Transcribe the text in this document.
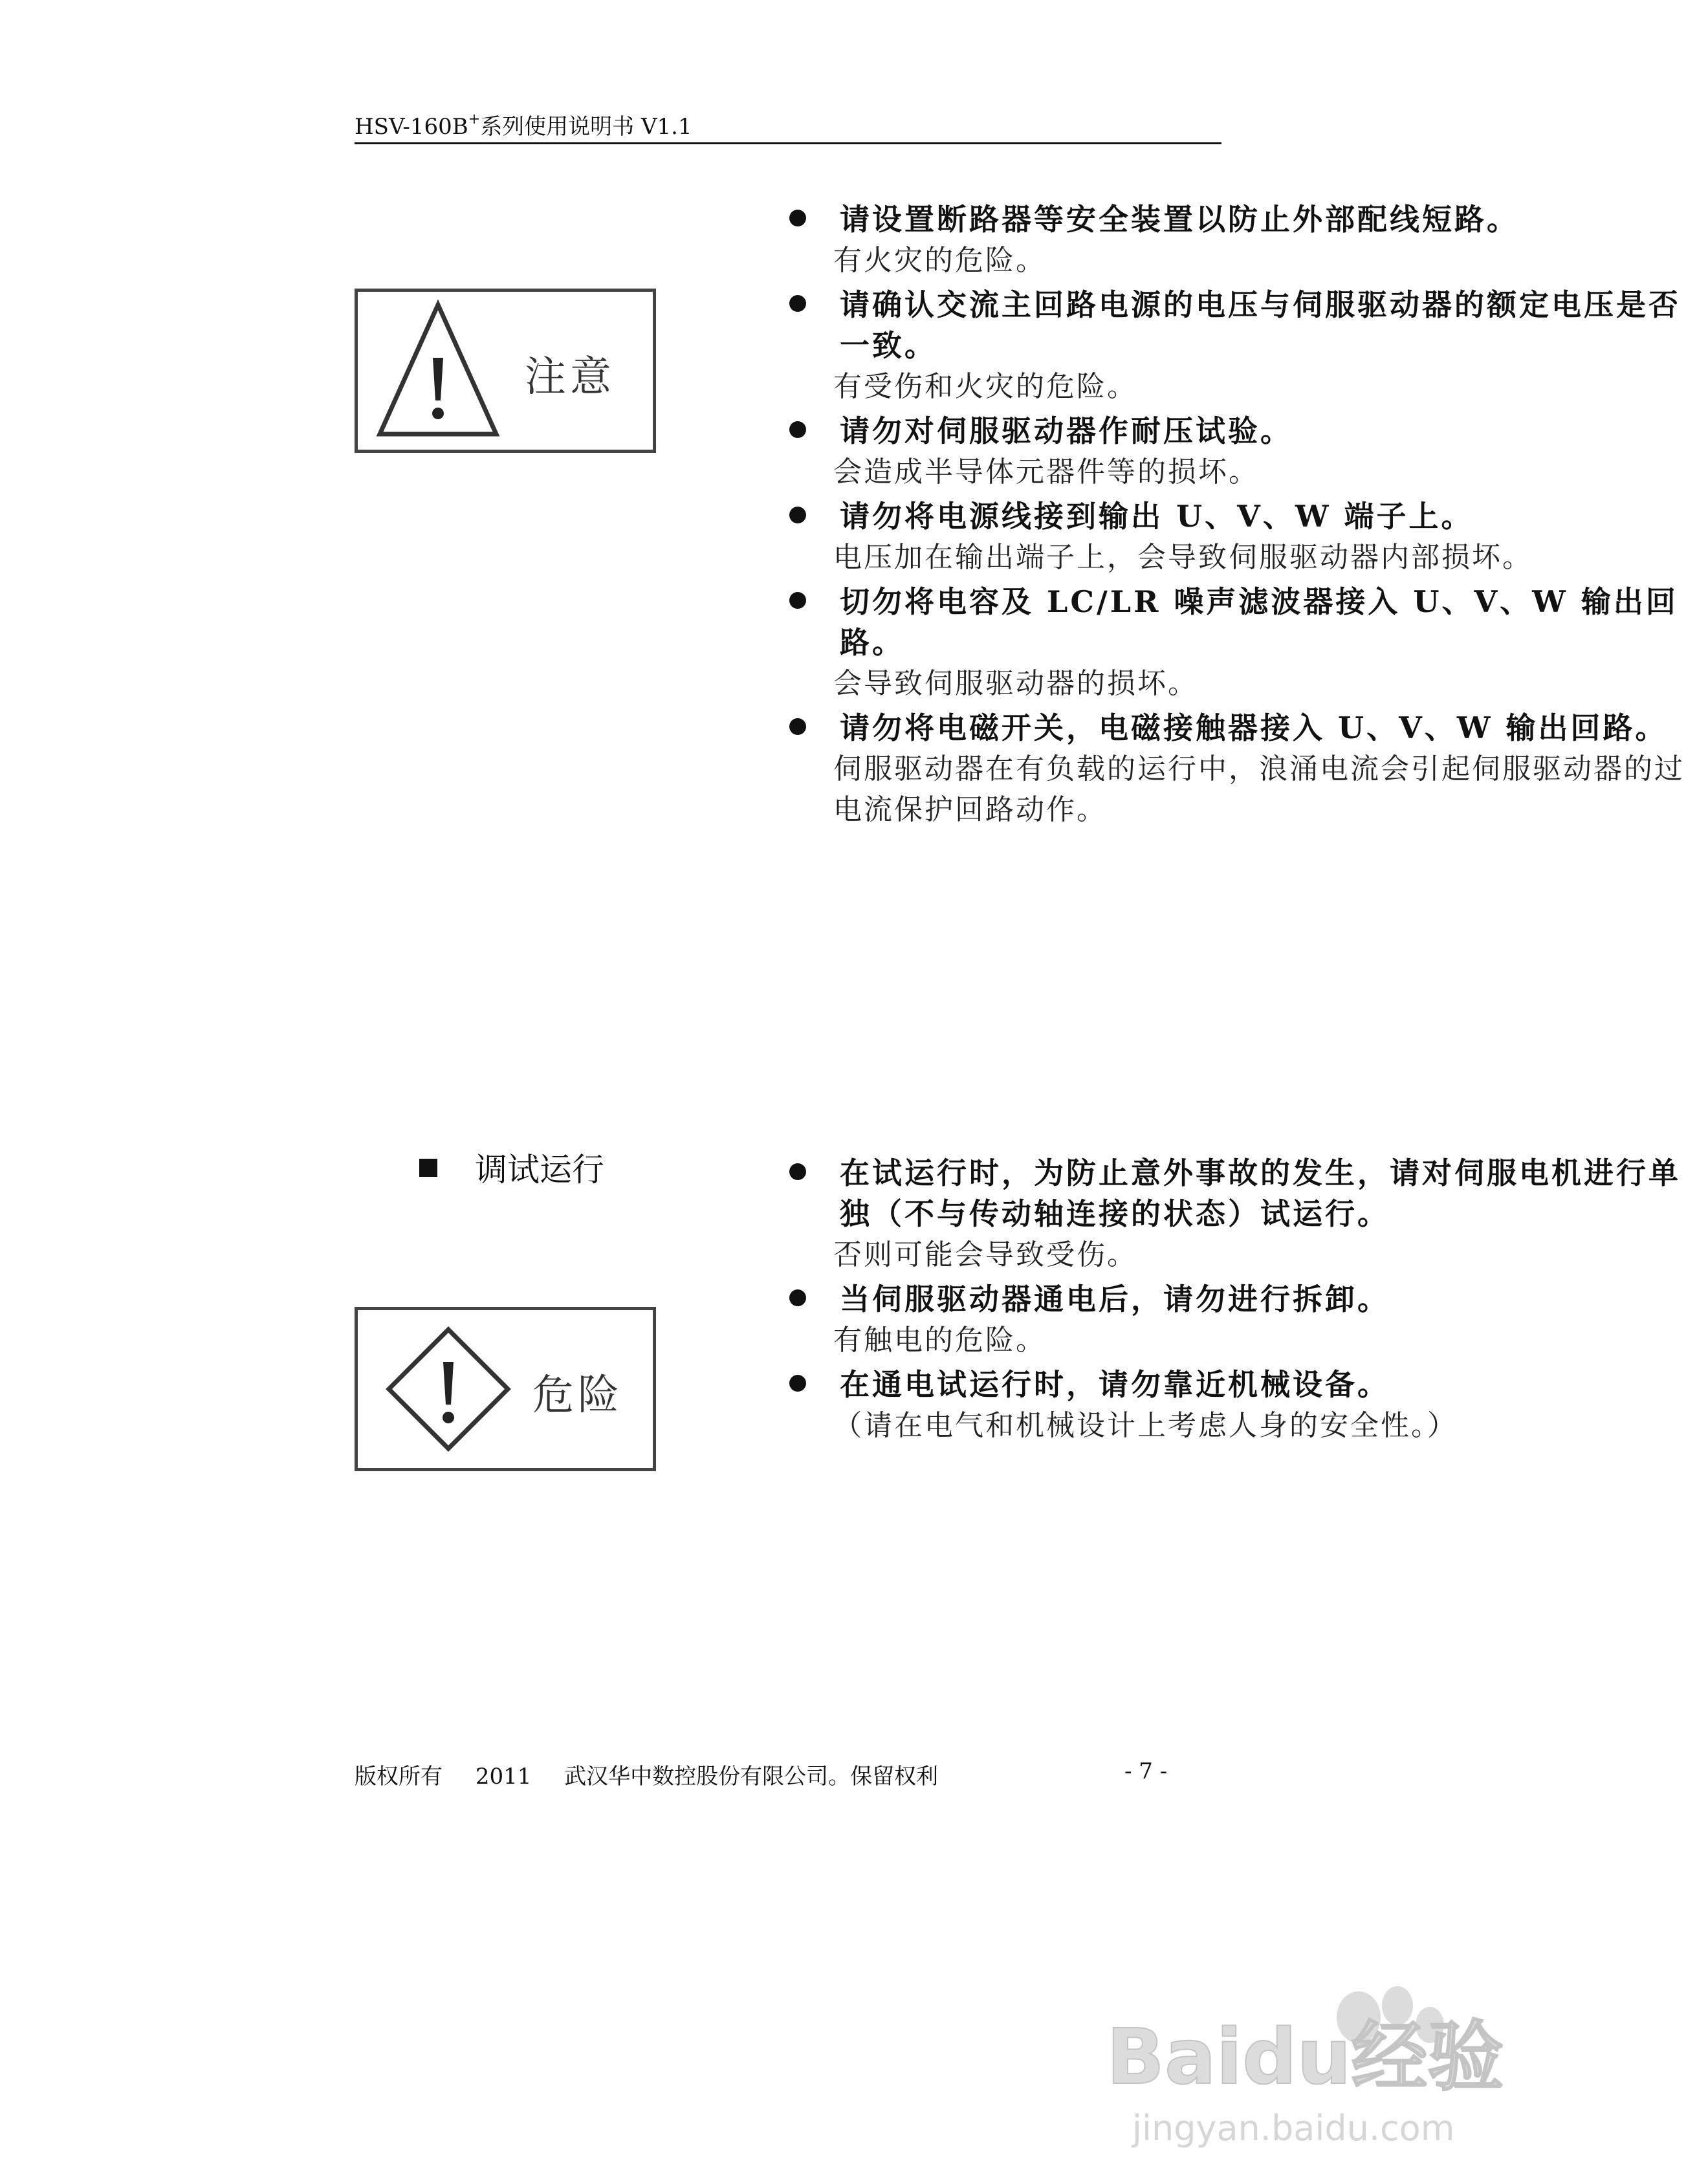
HSV-160B+系列使用说明书 V1.1
注意
请设置断路器等安全装置以防止外部配线短路。
有火灾的危险。
请确认交流主回路电源的电压与伺服驱动器的额定电压是否一致。
有受伤和火灾的危险。
请勿对伺服驱动器作耐压试验。
会造成半导体元器件等的损坏。
请勿将电源线接到输出 U、V、W 端子上。
电压加在输出端子上，会导致伺服驱动器内部损坏。
切勿将电容及 LC/LR 噪声滤波器接入 U、V、W 输出回路。
会导致伺服驱动器的损坏。
请勿将电磁开关，电磁接触器接入 U、V、W 输出回路。
伺服驱动器在有负载的运行中，浪涌电流会引起伺服驱动器的过电流保护回路动作。
调试运行
危险
在试运行时，为防止意外事故的发生，请对伺服电机进行单独（不与传动轴连接的状态）试运行。
否则可能会导致受伤。
当伺服驱动器通电后，请勿进行拆卸。
有触电的危险。
在通电试运行时，请勿靠近机械设备。
（请在电气和机械设计上考虑人身的安全性。）
版权所有 2011 武汉华中数控股份有限公司。保留权利	- 7 -
Baidu经验
jingyan.baidu.com
